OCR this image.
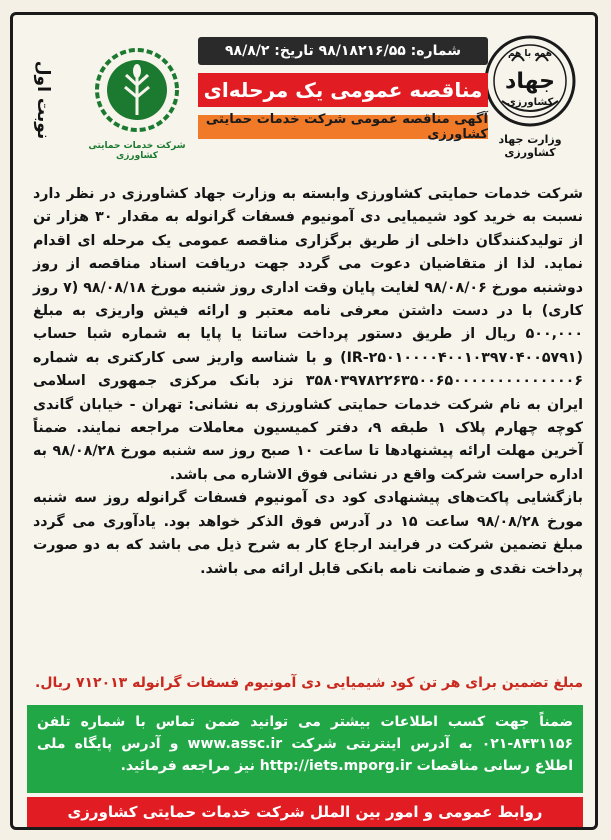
همه با هم
جهاد
کشاورزی
وزارت جهاد کشاورزی
شماره: ۹۸/۱۸۲۱۶/۵۵ تاریخ: ۹۸/۸/۲
مناقصه عمومی یک مرحله‌ای
آگهی مناقصه عمومی شرکت خدمات حمایتی کشاورزی
شرکت خدمات حمایتی کشاورزی
نوبت اول

شرکت خدمات حمایتی کشاورزی وابسته به وزارت جهاد کشاورزی در نظر دارد نسبت به خرید کود شیمیایی دی آمونیوم فسفات گرانوله به مقدار ۳۰ هزار تن از تولیدکنندگان داخلی از طریق برگزاری مناقصه عمومی یک مرحله ای اقدام نماید. لذا از متقاضیان دعوت می گردد جهت دریافت اسناد مناقصه از روز دوشنبه مورخ ۹۸/۰۸/۰۶ لغایت پایان وقت اداری روز شنبه مورخ ۹۸/۰۸/۱۸ (۷ روز کاری) با در دست داشتن معرفی نامه معتبر و ارائه فیش واریزی به مبلغ ۵۰۰,۰۰۰ ریال از طریق دستور پرداخت ساتنا یا پایا به شماره شبا حساب (IR-۲۵۰۱۰۰۰۰۴۰۰۱۰۳۹۷۰۴۰۰۵۷۹۱) و با شناسه واریز سی کارکتری به شماره ۳۵۸۰۳۹۷۸۲۲۶۳۵۰۰۶۵۰۰۰۰۰۰۰۰۰۰۰۰۰۰۶ نزد بانک مرکزی جمهوری اسلامی ایران به نام شرکت خدمات حمایتی کشاورزی به نشانی: تهران - خیابان گاندی کوچه چهارم پلاک ۱ طبقه ۹، دفتر کمیسیون معاملات مراجعه نمایند. ضمناً آخرین مهلت ارائه پیشنهادها تا ساعت ۱۰ صبح روز سه شنبه مورخ ۹۸/۰۸/۲۸ به اداره حراست شرکت واقع در نشانی فوق الاشاره می باشد.

بازگشایی پاکت‌های پیشنهادی کود دی آمونیوم فسفات گرانوله روز سه شنبه مورخ ۹۸/۰۸/۲۸ ساعت ۱۵ در آدرس فوق الذکر خواهد بود. یادآوری می گردد مبلغ تضمین شرکت در فرایند ارجاع کار به شرح ذیل می باشد که به دو صورت پرداخت نقدی و ضمانت نامه بانکی قابل ارائه می باشد.

مبلغ تضمین برای هر تن کود شیمیایی دی آمونیوم فسفات گرانوله ۷۱۲۰۱۳ ریال.
ضمناً جهت کسب اطلاعات بیشتر می توانید ضمن تماس با شماره تلفن ۸۴۳۱۱۵۶-۰۲۱ به آدرس اینترنتی شرکت www.assc.ir و آدرس پایگاه ملی اطلاع رسانی مناقصات http://iets.mporg.ir نیز مراجعه فرمائید.
روابط عمومی و امور بین الملل شرکت خدمات حمایتی کشاورزی
